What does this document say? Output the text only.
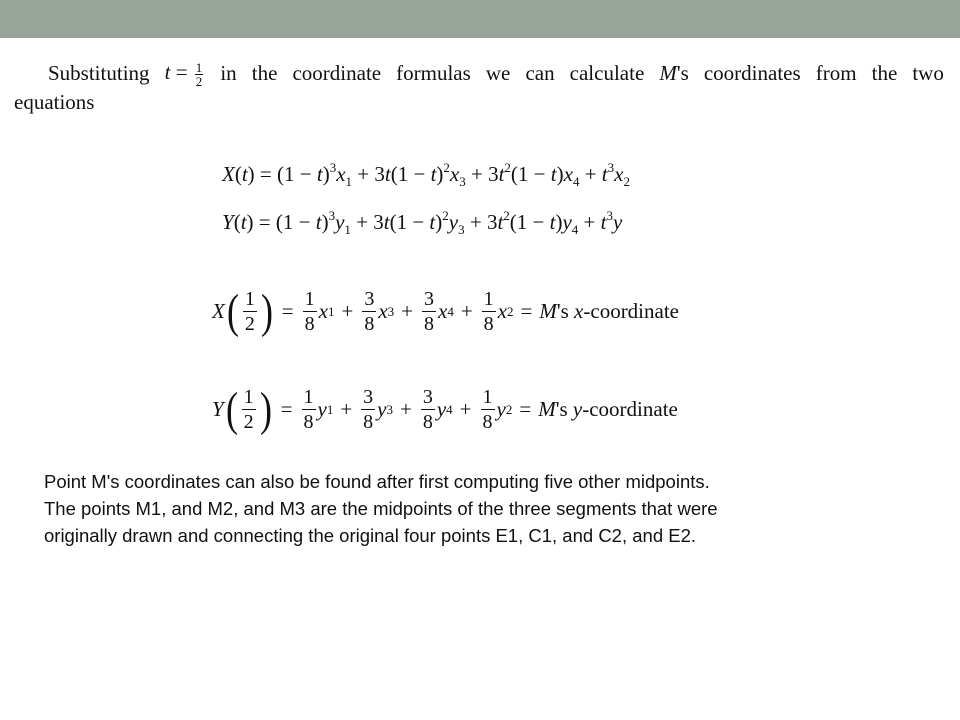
Substituting $t = \frac{1}{2}$ in the coordinate formulas we can calculate M's coordinates from the two
equations
$X(t) = (1 - t)^3x_1 + 3t(1 - t)^2x_3 + 3t^2(1 - t)x_4 + t^3x_2$
$Y(t) = (1 - t)^3y_1 + 3t(1 - t)^2y_3 + 3t^2(1 - t)y_4 + t^3y$
X ( $\frac{1}{2}$ ) = $\frac{1}{8}$ x $1 + \frac{3}{8}$ x $3 + \frac{3}{8}$ x $4 + \frac{1}{8}$ x 2 = M's x-coordinate
Y ( $\frac{1}{2}$ ) = $\frac{1}{8}$ y $1 + \frac{3}{8}$ y $3 + \frac{3}{8}$ y $4 + \frac{1}{8}$ y 2 = M's y-coordinate
Point M's coordinates can also be found after first computing five other midpoints.
The points M1, and M2, and M3 are the midpoints of the three segments that were
originally drawn and connecting the original four points E1, C1, and C2, and E2.
